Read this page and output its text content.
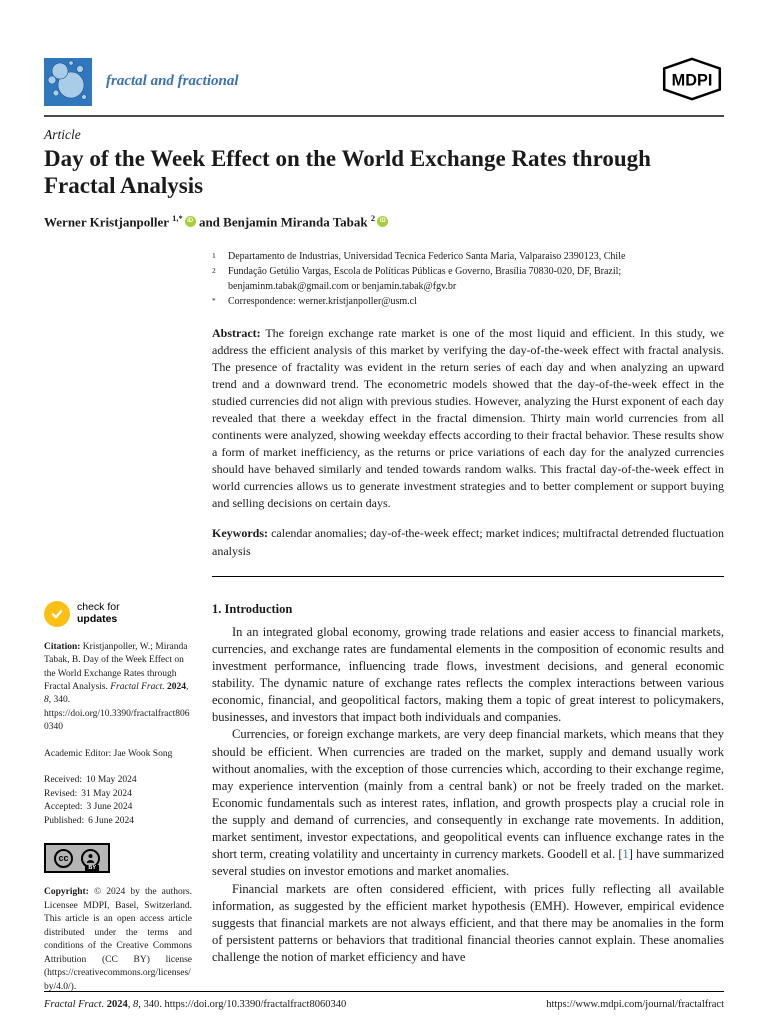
fractal and fractional	MDPI
Article
Day of the Week Effect on the World Exchange Rates through Fractal Analysis
Werner Kristjanpoller $^{1,*}$ iD and Benjamin Miranda Tabak $^2$ iD
1	Departamento de Industrias, Universidad Tecnica Federico Santa Maria, Valparaiso 2390123, Chile
2	Fundação Getúlio Vargas, Escola de Políticas Públicas e Governo, Brasília 70830-020, DF, Brazil; benjaminm.tabak@gmail.com or benjamin.tabak@fgv.br
*	Correspondence: werner.kristjanpoller@usm.cl

Abstract: The foreign exchange rate market is one of the most liquid and efficient. In this study, we address the efficient analysis of this market by verifying the day-of-the-week effect with fractal analysis. The presence of fractality was evident in the return series of each day and when analyzing an upward trend and a downward trend. The econometric models showed that the day-of-the-week effect in the studied currencies did not align with previous studies. However, analyzing the Hurst exponent of each day revealed that there a weekday effect in the fractal dimension. Thirty main world currencies from all continents were analyzed, showing weekday effects according to their fractal behavior. These results show a form of market inefficiency, as the returns or price variations of each day for the analyzed currencies should have behaved similarly and tended towards random walks. This fractal day-of-the-week effect in world currencies allows us to generate investment strategies and to better complement or support buying and selling decisions on certain days.

Keywords: calendar anomalies; day-of-the-week effect; market indices; multifractal detrended fluctuation analysis

check for
updates
Citation: Kristjanpoller, W.; Miranda Tabak, B. Day of the Week Effect on the World Exchange Rates through Fractal Analysis. Fractal Fract. 2024, 8, 340. https://doi.org/10.3390/fractalfract8060340
Academic Editor: Jae Wook Song
Received: 10 May 2024
Revised: 31 May 2024
Accepted: 3 June 2024
Published: 6 June 2024
cc
BY
Copyright: © 2024 by the authors. Licensee MDPI, Basel, Switzerland. This article is an open access article distributed under the terms and conditions of the Creative Commons Attribution (CC BY) license (https://creativecommons.org/licenses/by/4.0/).
1. Introduction

In an integrated global economy, growing trade relations and easier access to financial markets, currencies, and exchange rates are fundamental elements in the composition of economic results and investment performance, influencing trade flows, investment decisions, and general economic stability. The dynamic nature of exchange rates reflects the complex interactions between various economic, financial, and geopolitical factors, making them a topic of great interest to policymakers, businesses, and investors that impact both individuals and companies.

Currencies, or foreign exchange markets, are very deep financial markets, which means that they should be efficient. When currencies are traded on the market, supply and demand usually work without anomalies, with the exception of those currencies which, according to their exchange regime, may experience intervention (mainly from a central bank) or not be freely traded on the market. Economic fundamentals such as interest rates, inflation, and growth prospects play a crucial role in the supply and demand of currencies, and consequently in exchange rate movements. In addition, market sentiment, investor expectations, and geopolitical events can influence exchange rates in the short term, creating volatility and uncertainty in currency markets. Goodell et al. [1] have summarized several studies on investor emotions and market anomalies.

Financial markets are often considered efficient, with prices fully reflecting all available information, as suggested by the efficient market hypothesis (EMH). However, empirical evidence suggests that financial markets are not always efficient, and that there may be anomalies in the form of persistent patterns or behaviors that traditional financial theories cannot explain. These anomalies challenge the notion of market efficiency and have

Fractal Fract. 2024, 8, 340. https://doi.org/10.3390/fractalfract8060340	https://www.mdpi.com/journal/fractalfract
